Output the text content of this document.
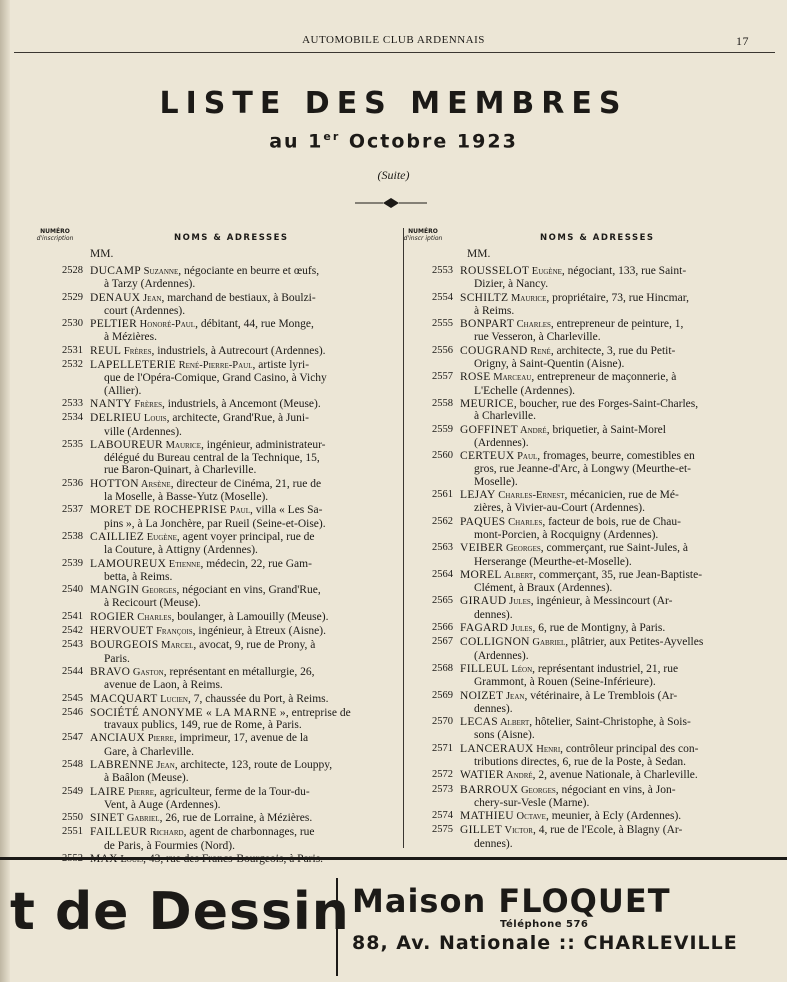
AUTOMOBILE CLUB ARDENNAIS	17
LISTE DES MEMBRES
au 1er Octobre 1923
(Suite)
NUMÉRO
d'inscription	NOMS & ADRESSES
MM.
NUMÉRO
d'inscr iption	NOMS & ADRESSES
MM.
2528 DUCAMP Suzanne, négociante en beurre et œufs,
à Tarzy (Ardennes).
2529 DENAUX Jean, marchand de bestiaux, à Boulzi-
court (Ardennes).
2530 PELTIER Honoré-Paul, débitant, 44, rue Monge,
à Mézières.
2531 REUL Frères, industriels, à Autrecourt (Ardennes).
2532 LAPELLETERIE René-Pierre-Paul, artiste lyri-
que de l'Opéra-Comique, Grand Casino, à Vichy
(Allier).
2533 NANTY Frères, industriels, à Ancemont (Meuse).
2534 DELRIEU Louis, architecte, Grand'Rue, à Juni-
ville (Ardennes).
2535 LABOUREUR Maurice, ingénieur, administrateur-
délégué du Bureau central de la Technique, 15,
rue Baron-Quinart, à Charleville.
2536 HOTTON Arsène, directeur de Cinéma, 21, rue de
la Moselle, à Basse-Yutz (Moselle).
2537 MORET DE ROCHEPRISE Paul, villa « Les Sa-
pins », à La Jonchère, par Rueil (Seine-et-Oise).
2538 CAILLIEZ Eugène, agent voyer principal, rue de
la Couture, à Attigny (Ardennes).
2539 LAMOUREUX Etienne, médecin, 22, rue Gam-
betta, à Reims.
2540 MANGIN Georges, négociant en vins, Grand'Rue,
à Recicourt (Meuse).
2541 ROGIER Charles, boulanger, à Lamouilly (Meuse).
2542 HERVOUET François, ingénieur, à Etreux (Aisne).
2543 BOURGEOIS Marcel, avocat, 9, rue de Prony, à
Paris.
2544 BRAVO Gaston, représentant en métallurgie, 26,
avenue de Laon, à Reims.
2545 MACQUART Lucien, 7, chaussée du Port, à Reims.
2546 SOCIÉTÉ ANONYME « LA MARNE », entreprise de
travaux publics, 149, rue de Rome, à Paris.
2547 ANCIAUX Pierre, imprimeur, 17, avenue de la
Gare, à Charleville.
2548 LABRENNE Jean, architecte, 123, route de Louppy,
à Baâlon (Meuse).
2549 LAIRE Pierre, agriculteur, ferme de la Tour-du-
Vent, à Auge (Ardennes).
2550 SINET Gabriel, 26, rue de Lorraine, à Mézières.
2551 FAILLEUR Richard, agent de charbonnages, rue
de Paris, à Fourmies (Nord).
2552 MAX Louis, 43, rue des Francs-Bourgeois, à Paris.
2553 ROUSSELOT Eugène, négociant, 133, rue Saint-
Dizier, à Nancy.
2554 SCHILTZ Maurice, propriétaire, 73, rue Hincmar,
à Reims.
2555 BONPART Charles, entrepreneur de peinture, 1,
rue Vesseron, à Charleville.
2556 COUGRAND René, architecte, 3, rue du Petit-
Origny, à Saint-Quentin (Aisne).
2557 ROSE Marceau, entrepreneur de maçonnerie, à
L'Echelle (Ardennes).
2558 MEURICE, boucher, rue des Forges-Saint-Charles,
à Charleville.
2559 GOFFINET André, briquetier, à Saint-Morel
(Ardennes).
2560 CERTEUX Paul, fromages, beurre, comestibles en
gros, rue Jeanne-d'Arc, à Longwy (Meurthe-et-
Moselle).
2561 LEJAY Charles-Ernest, mécanicien, rue de Mé-
zières, à Vivier-au-Court (Ardennes).
2562 PAQUES Charles, facteur de bois, rue de Chau-
mont-Porcien, à Rocquigny (Ardennes).
2563 VEIBER Georges, commerçant, rue Saint-Jules, à
Herserange (Meurthe-et-Moselle).
2564 MOREL Albert, commerçant, 35, rue Jean-Baptiste-
Clément, à Braux (Ardennes).
2565 GIRAUD Jules, ingénieur, à Messincourt (Ar-
dennes).
2566 FAGARD Jules, 6, rue de Montigny, à Paris.
2567 COLLIGNON Gabriel, plâtrier, aux Petites-Ayvelles
(Ardennes).
2568 FILLEUL Léon, représentant industriel, 21, rue
Grammont, à Rouen (Seine-Inférieure).
2569 NOIZET Jean, vétérinaire, à Le Tremblois (Ar-
dennes).
2570 LECAS Albert, hôtelier, Saint-Christophe, à Sois-
sons (Aisne).
2571 LANCERAUX Henri, contrôleur principal des con-
tributions directes, 6, rue de la Poste, à Sedan.
2572 WATIER André, 2, avenue Nationale, à Charleville.
2573 BARROUX Georges, négociant en vins, à Jon-
chery-sur-Vesle (Marne).
2574 MATHIEU Octave, meunier, à Ecly (Ardennes).
2575 GILLET Victor, 4, rue de l'Ecole, à Blagny (Ar-
dennes).
t de Dessin Maison FLOQUET
Téléphone 576
88, Av. Nationale :: CHARLEVILLE
